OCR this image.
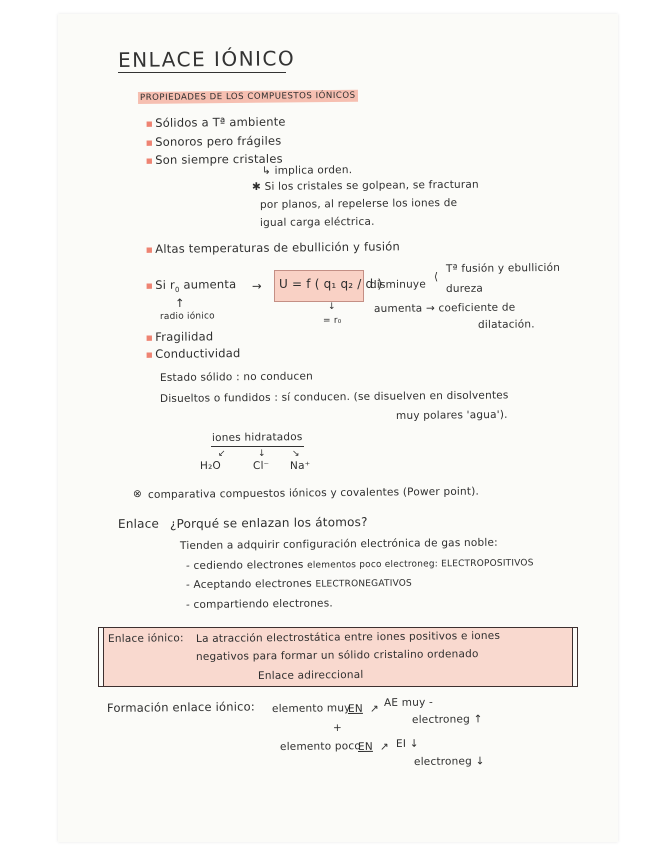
ENLACE IÓNICO
PROPIEDADES DE LOS COMPUESTOS IÓNICOS
■ Sólidos a Tª ambiente
■ Sonoros pero frágiles
■ Son siempre cristales
↳ implica orden.
✱ Si los cristales se golpean, se fracturan
por planos, al repelerse los iones de
igual carga eléctrica.
■ Altas temperaturas de ebullición y fusión
■ Si $r_0$ aumenta → U = f ( q₁ q₂ / d )
↓
= r₀
↑
radio iónico
disminuye
⟨
Tª fusión y ebullición
dureza
aumenta → coeficiente de
dilatación.
■ Fragilidad
■ Conductividad
Estado sólido : no conducen
Disueltos o fundidos : sí conducen. (se disuelven en disolventes
muy polares 'agua').
iones hidratados
↙	↓	↘
H₂O	Cl⁻ Na⁺
⊗ comparativa compuestos iónicos y covalentes (Power point).
Enlace ¿Porqué se enlazan los átomos?
Tienden a adquirir configuración electrónica de gas noble:
- cediendo electrones elementos poco electroneg: ELECTROPOSITIVOS
- Aceptando electrones ELECTRONEGATIVOS
- compartiendo electrones.
Enlace iónico: La atracción electrostática entre iones positivos e iones
negativos para formar un sólido cristalino ordenado
Enlace adireccional
Formación enlace iónico: elemento muy
EN ↗ AE muy -
electroneg ↑
+
elemento poco
EN ↗ EI ↓
electroneg ↓
